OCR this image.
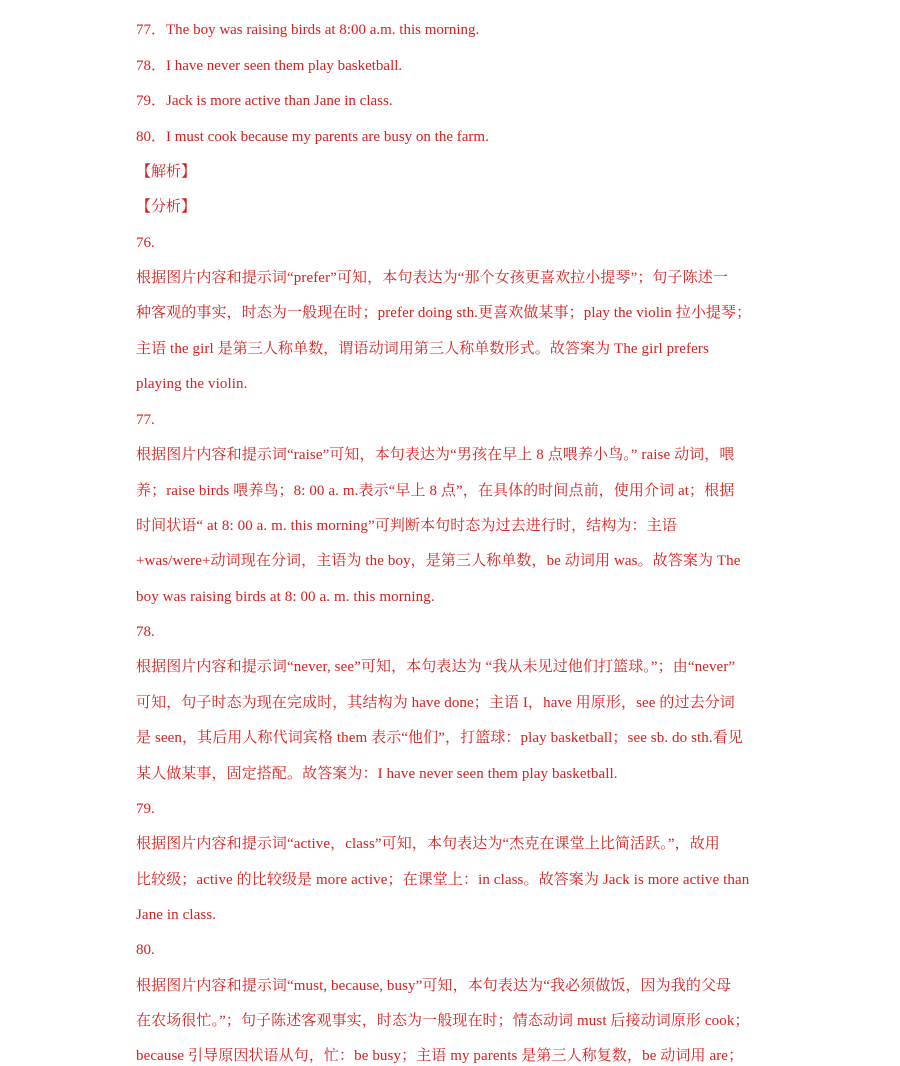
77．The boy was raising birds at 8:00 a.m. this morning.
78．I have never seen them play basketball.
79．Jack is more active than Jane in class.
80．I must cook because my parents are busy on the farm.
【解析】
【分析】
76.
根据图片内容和提示词“prefer”可知，本句表达为“那个女孩更喜欢拉小提琴”；句子陈述一
种客观的事实，时态为一般现在时；prefer doing sth.更喜欢做某事；play the violin 拉小提琴；
主语 the girl 是第三人称单数，谓语动词用第三人称单数形式。故答案为 The girl prefers
playing the violin.
77.
根据图片内容和提示词“raise”可知，本句表达为“男孩在早上 8 点喂养小鸟。” raise 动词，喂
养；raise birds 喂养鸟；8: 00 a. m.表示“早上 8 点”，在具体的时间点前，使用介词 at；根据
时间状语“ at 8: 00 a. m. this morning”可判断本句时态为过去进行时，结构为：主语
+was/were+动词现在分词，主语为 the boy，是第三人称单数，be 动词用 was。故答案为 The
boy was raising birds at 8: 00 a. m. this morning.
78.
根据图片内容和提示词“never, see”可知，本句表达为 “我从未见过他们打篮球。”；由“never”
可知，句子时态为现在完成时，其结构为 have done；主语 I，have 用原形，see 的过去分词
是 seen，其后用人称代词宾格 them 表示“他们”，打篮球：play basketball；see sb. do sth.看见
某人做某事，固定搭配。故答案为：I have never seen them play basketball.
79.
根据图片内容和提示词“active，class”可知，本句表达为“杰克在课堂上比简活跃。”，故用
比较级；active 的比较级是 more active；在课堂上：in class。故答案为 Jack is more active than
Jane in class.
80.
根据图片内容和提示词“must, because, busy”可知，本句表达为“我必须做饭，因为我的父母
在农场很忙。”；句子陈述客观事实，时态为一般现在时；情态动词 must 后接动词原形 cook；
because 引导原因状语从句，忙：be busy；主语 my parents 是第三人称复数，be 动词用 are；
